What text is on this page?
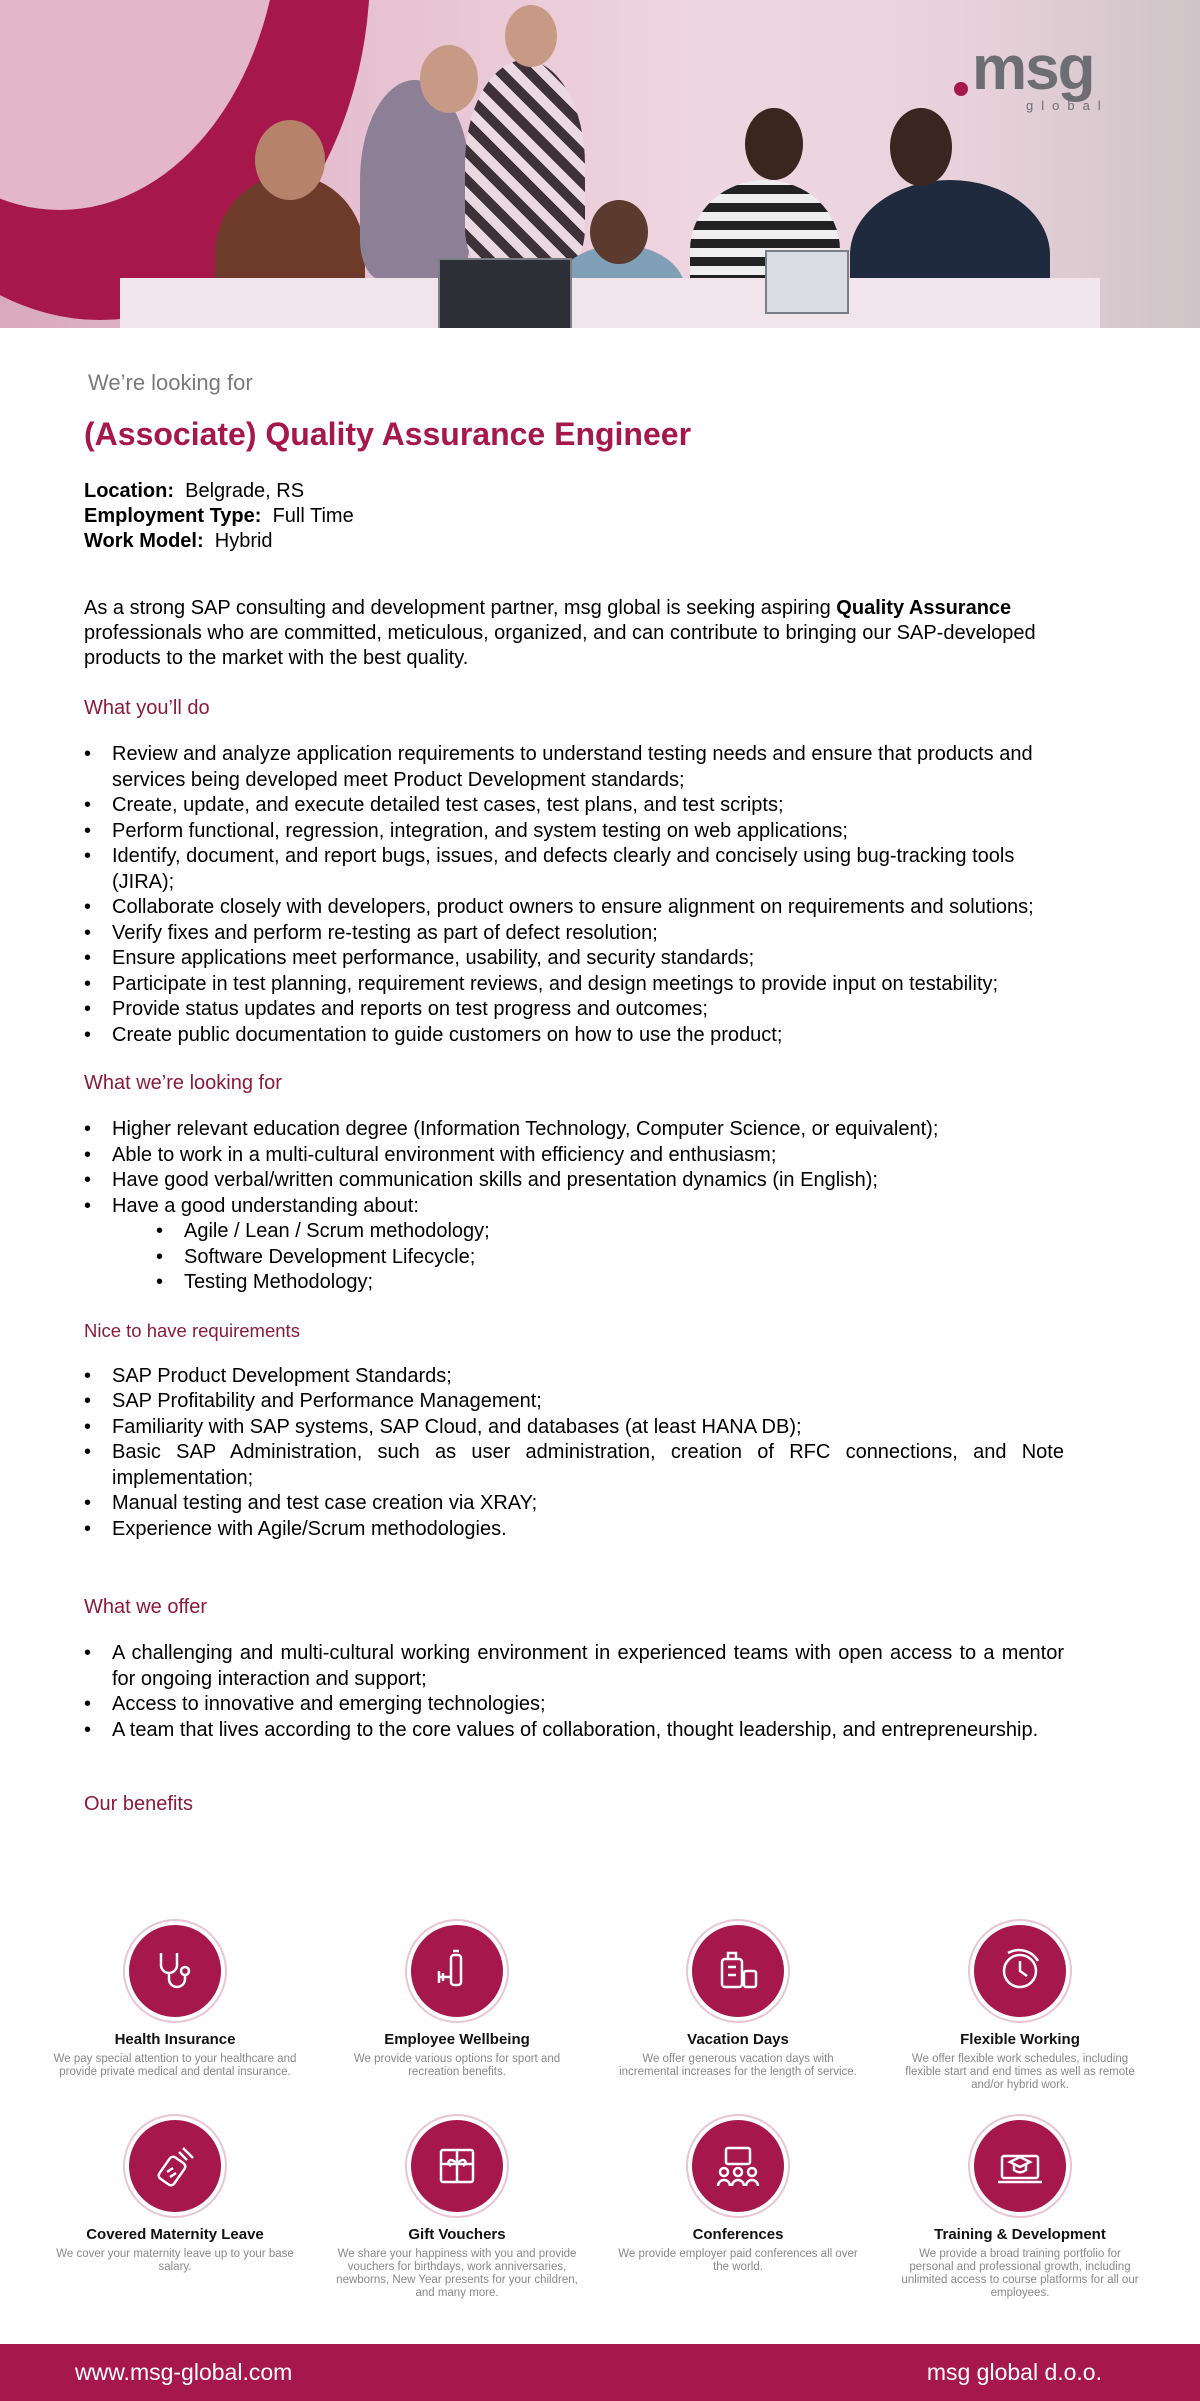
msg
global
We’re looking for
(Associate) Quality Assurance Engineer
Location: Belgrade, RS
Employment Type: Full Time
Work Model: Hybrid

As a strong SAP consulting and development partner, msg global is seeking aspiring Quality Assurance professionals who are committed, meticulous, organized, and can contribute to bringing our SAP-developed products to the market with the best quality.

What you’ll do
• Review and analyze application requirements to understand testing needs and ensure that products and services being developed meet Product Development standards;
• Create, update, and execute detailed test cases, test plans, and test scripts;
• Perform functional, regression, integration, and system testing on web applications;
• Identify, document, and report bugs, issues, and defects clearly and concisely using bug-tracking tools (JIRA);
• Collaborate closely with developers, product owners to ensure alignment on requirements and solutions;
• Verify fixes and perform re-testing as part of defect resolution;
• Ensure applications meet performance, usability, and security standards;
• Participate in test planning, requirement reviews, and design meetings to provide input on testability;
• Provide status updates and reports on test progress and outcomes;
• Create public documentation to guide customers on how to use the product;
What we’re looking for
• Higher relevant education degree (Information Technology, Computer Science, or equivalent);
• Able to work in a multi-cultural environment with efficiency and enthusiasm;
• Have good verbal/written communication skills and presentation dynamics (in English);
• Have a good understanding about:
• Agile / Lean / Scrum methodology;
• Software Development Lifecycle;
• Testing Methodology;
Nice to have requirements
• SAP Product Development Standards;
• SAP Profitability and Performance Management;
• Familiarity with SAP systems, SAP Cloud, and databases (at least HANA DB);
• Basic SAP Administration, such as user administration, creation of RFC connections, and Note implementation;
• Manual testing and test case creation via XRAY;
• Experience with Agile/Scrum methodologies.
What we offer
• A challenging and multi-cultural working environment in experienced teams with open access to a mentor for ongoing interaction and support;
• Access to innovative and emerging technologies;
• A team that lives according to the core values of collaboration, thought leadership, and entrepreneurship.
Our benefits
Health Insurance
We pay special attention to your healthcare and provide private medical and dental insurance.
Employee Wellbeing
We provide various options for sport and recreation benefits.
Vacation Days
We offer generous vacation days with incremental increases for the length of service.
Flexible Working
We offer flexible work schedules, including flexible start and end times as well as remote and/or hybrid work.
Covered Maternity Leave
We cover your maternity leave up to your base salary.
Gift Vouchers
We share your happiness with you and provide vouchers for birthdays, work anniversaries, newborns, New Year presents for your children, and many more.
Conferences
We provide employer paid conferences all over the world.
Training & Development
We provide a broad training portfolio for personal and professional growth, including unlimited access to course platforms for all our employees.
www.msg-global.com	msg global d.o.o.
